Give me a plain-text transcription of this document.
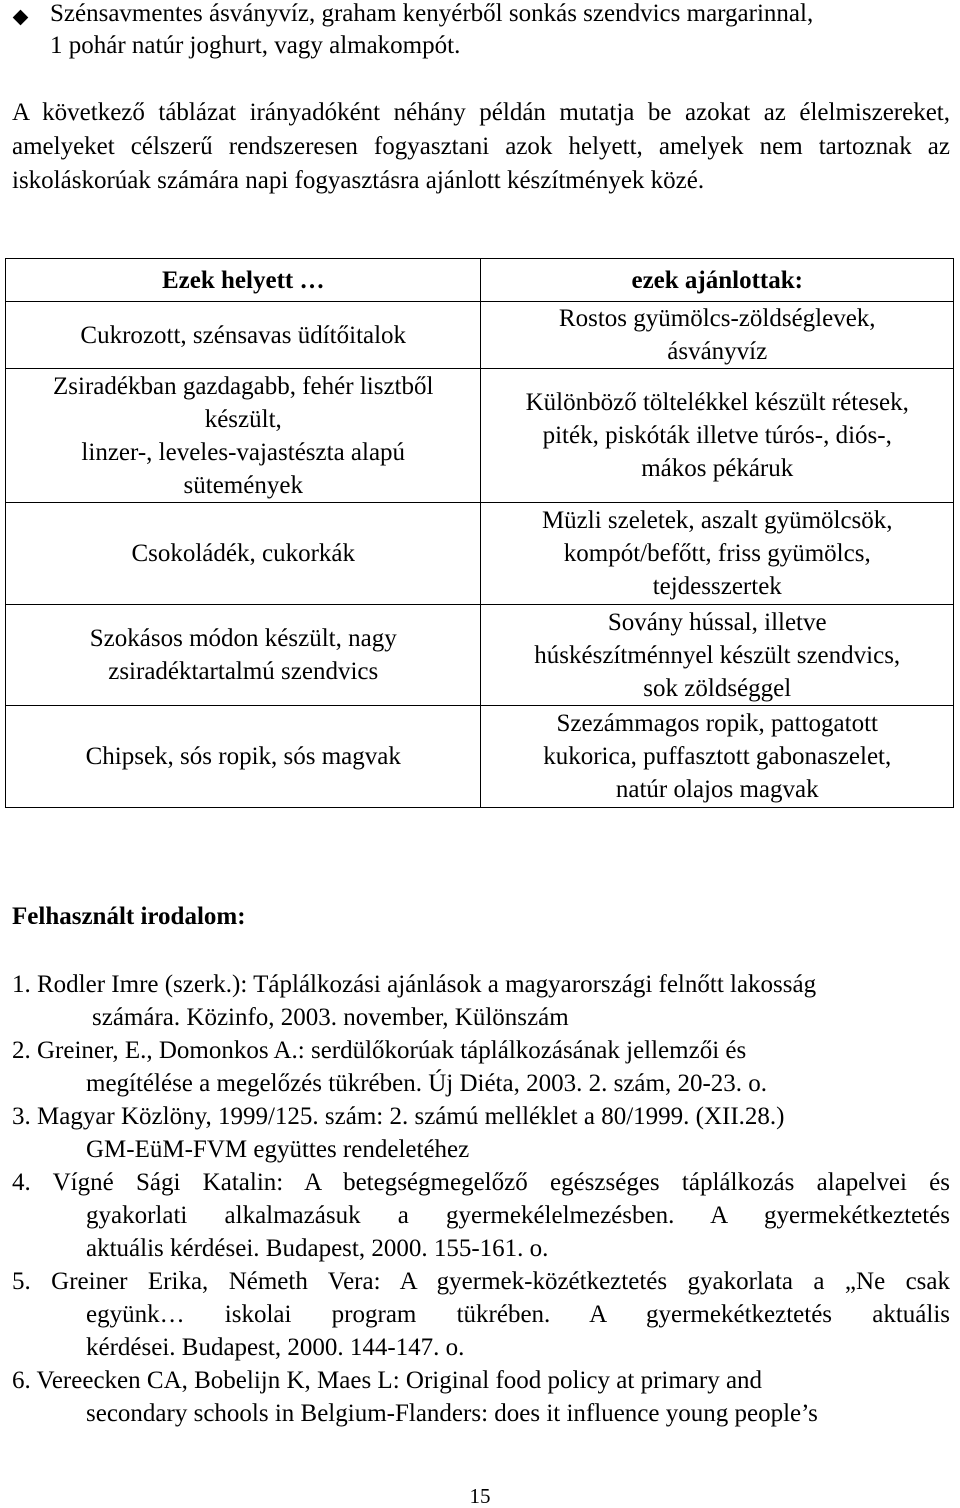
Szénsavmentes ásványvíz, graham kenyérből sonkás szendvics margarinnal,
1 pohár natúr joghurt, vagy almakompót.
A következő táblázat irányadóként néhány példán mutatja be azokat az élelmiszereket, amelyeket célszerű rendszeresen fogyasztani azok helyett, amelyek nem tartoznak az iskoláskorúak számára napi fogyasztásra ajánlott készítmények közé.
Ezek helyett …	ezek ajánlottak:

Cukrozott, szénsavas üdítőitalok	Rostos gyümölcs-zöldséglevek,
ásványvíz

Zsiradékban gazdagabb, fehér lisztből
készült,
linzer-, leveles-vajastészta alapú
sütemények	Különböző töltelékkel készült rétesek,
piték, piskóták illetve túrós-, diós-,
mákos pékáruk

Csokoládék, cukorkák	Müzli szeletek, aszalt gyümölcsök,
kompót/befőtt, friss gyümölcs,
tejdesszertek

Szokásos módon készült, nagy
zsiradéktartalmú szendvics	Sovány hússal, illetve
húskészítménnyel készült szendvics,
sok zöldséggel

Chipsek, sós ropik, sós magvak	Szezámmagos ropik, pattogatott
kukorica, puffasztott gabonaszelet,
natúr olajos magvak
Felhasznált irodalom:
1. Rodler Imre (szerk.): Táplálkozási ajánlások a magyarországi felnőtt lakosság
számára. Közinfo, 2003. november, Különszám
2. Greiner, E., Domonkos A.: serdülőkorúak táplálkozásának jellemzői és
megítélése a megelőzés tükrében. Új Diéta, 2003. 2. szám, 20-23. o.
3. Magyar Közlöny, 1999/125. szám: 2. számú melléklet a 80/1999. (XII.28.)
GM-EüM-FVM együttes rendeletéhez
4. Vígné Sági Katalin: A betegségmegelőző egészséges táplálkozás alapelvei és
gyakorlati alkalmazásuk a gyermekélelmezésben. A gyermekétkeztetés
aktuális kérdései. Budapest, 2000. 155-161. o.
5. Greiner Erika, Németh Vera: A gyermek-közétkeztetés gyakorlata a „Ne csak
együnk… iskolai program tükrében. A gyermekétkeztetés aktuális
kérdései. Budapest, 2000. 144-147. o.
6. Vereecken CA, Bobelijn K, Maes L: Original food policy at primary and
secondary schools in Belgium-Flanders: does it influence young people’s
15
